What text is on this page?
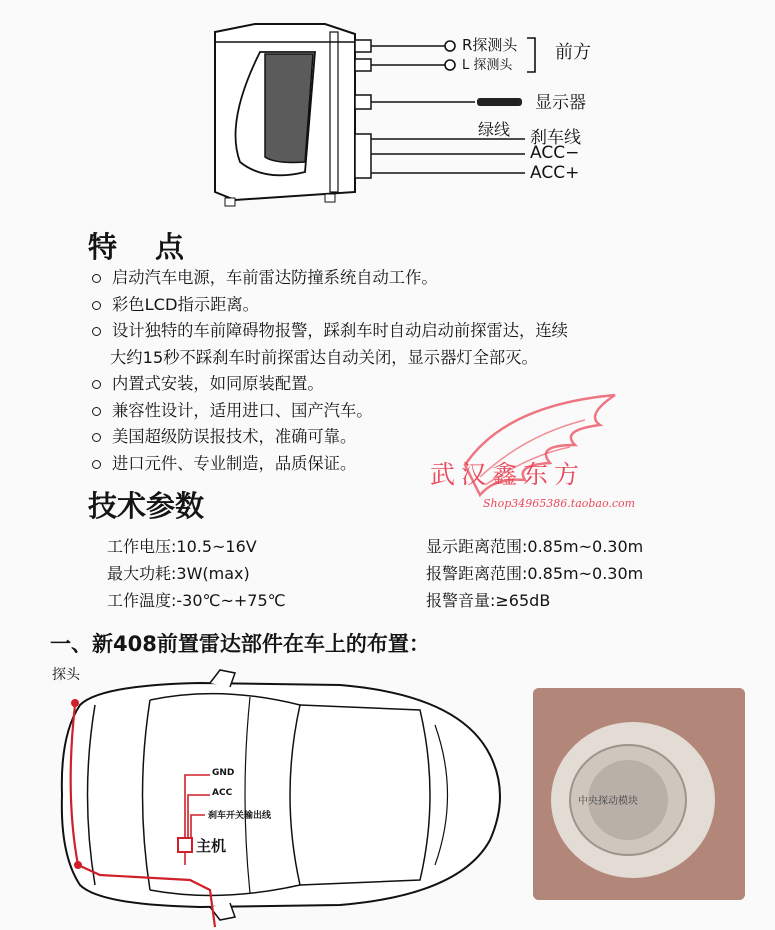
R探测头
L 探测头
前方
显示器
绿线 刹车线
ACC−
ACC+
特点
启动汽车电源，车前雷达防撞系统自动工作。
彩色LCD指示距离。
设计独特的车前障碍物报警，踩刹车时自动启动前探雷达，连续
大约15秒不踩刹车时前探雷达自动关闭，显示器灯全部灭。
内置式安装，如同原装配置。
兼容性设计，适用进口、国产汽车。
美国超级防误报技术，准确可靠。
进口元件、专业制造，品质保证。	武汉鑫东方
Shop34965386.taobao.com
技术参数
工作电压:10.5~16V
最大功耗:3W(max)
工作温度:-30℃~+75℃
显示距离范围:0.85m~0.30m
报警距离范围:0.85m~0.30m
报警音量:≥65dB
一、新408前置雷达部件在车上的布置：
探头
GND
ACC
刹车开关输出线
主机
中央探动模块
